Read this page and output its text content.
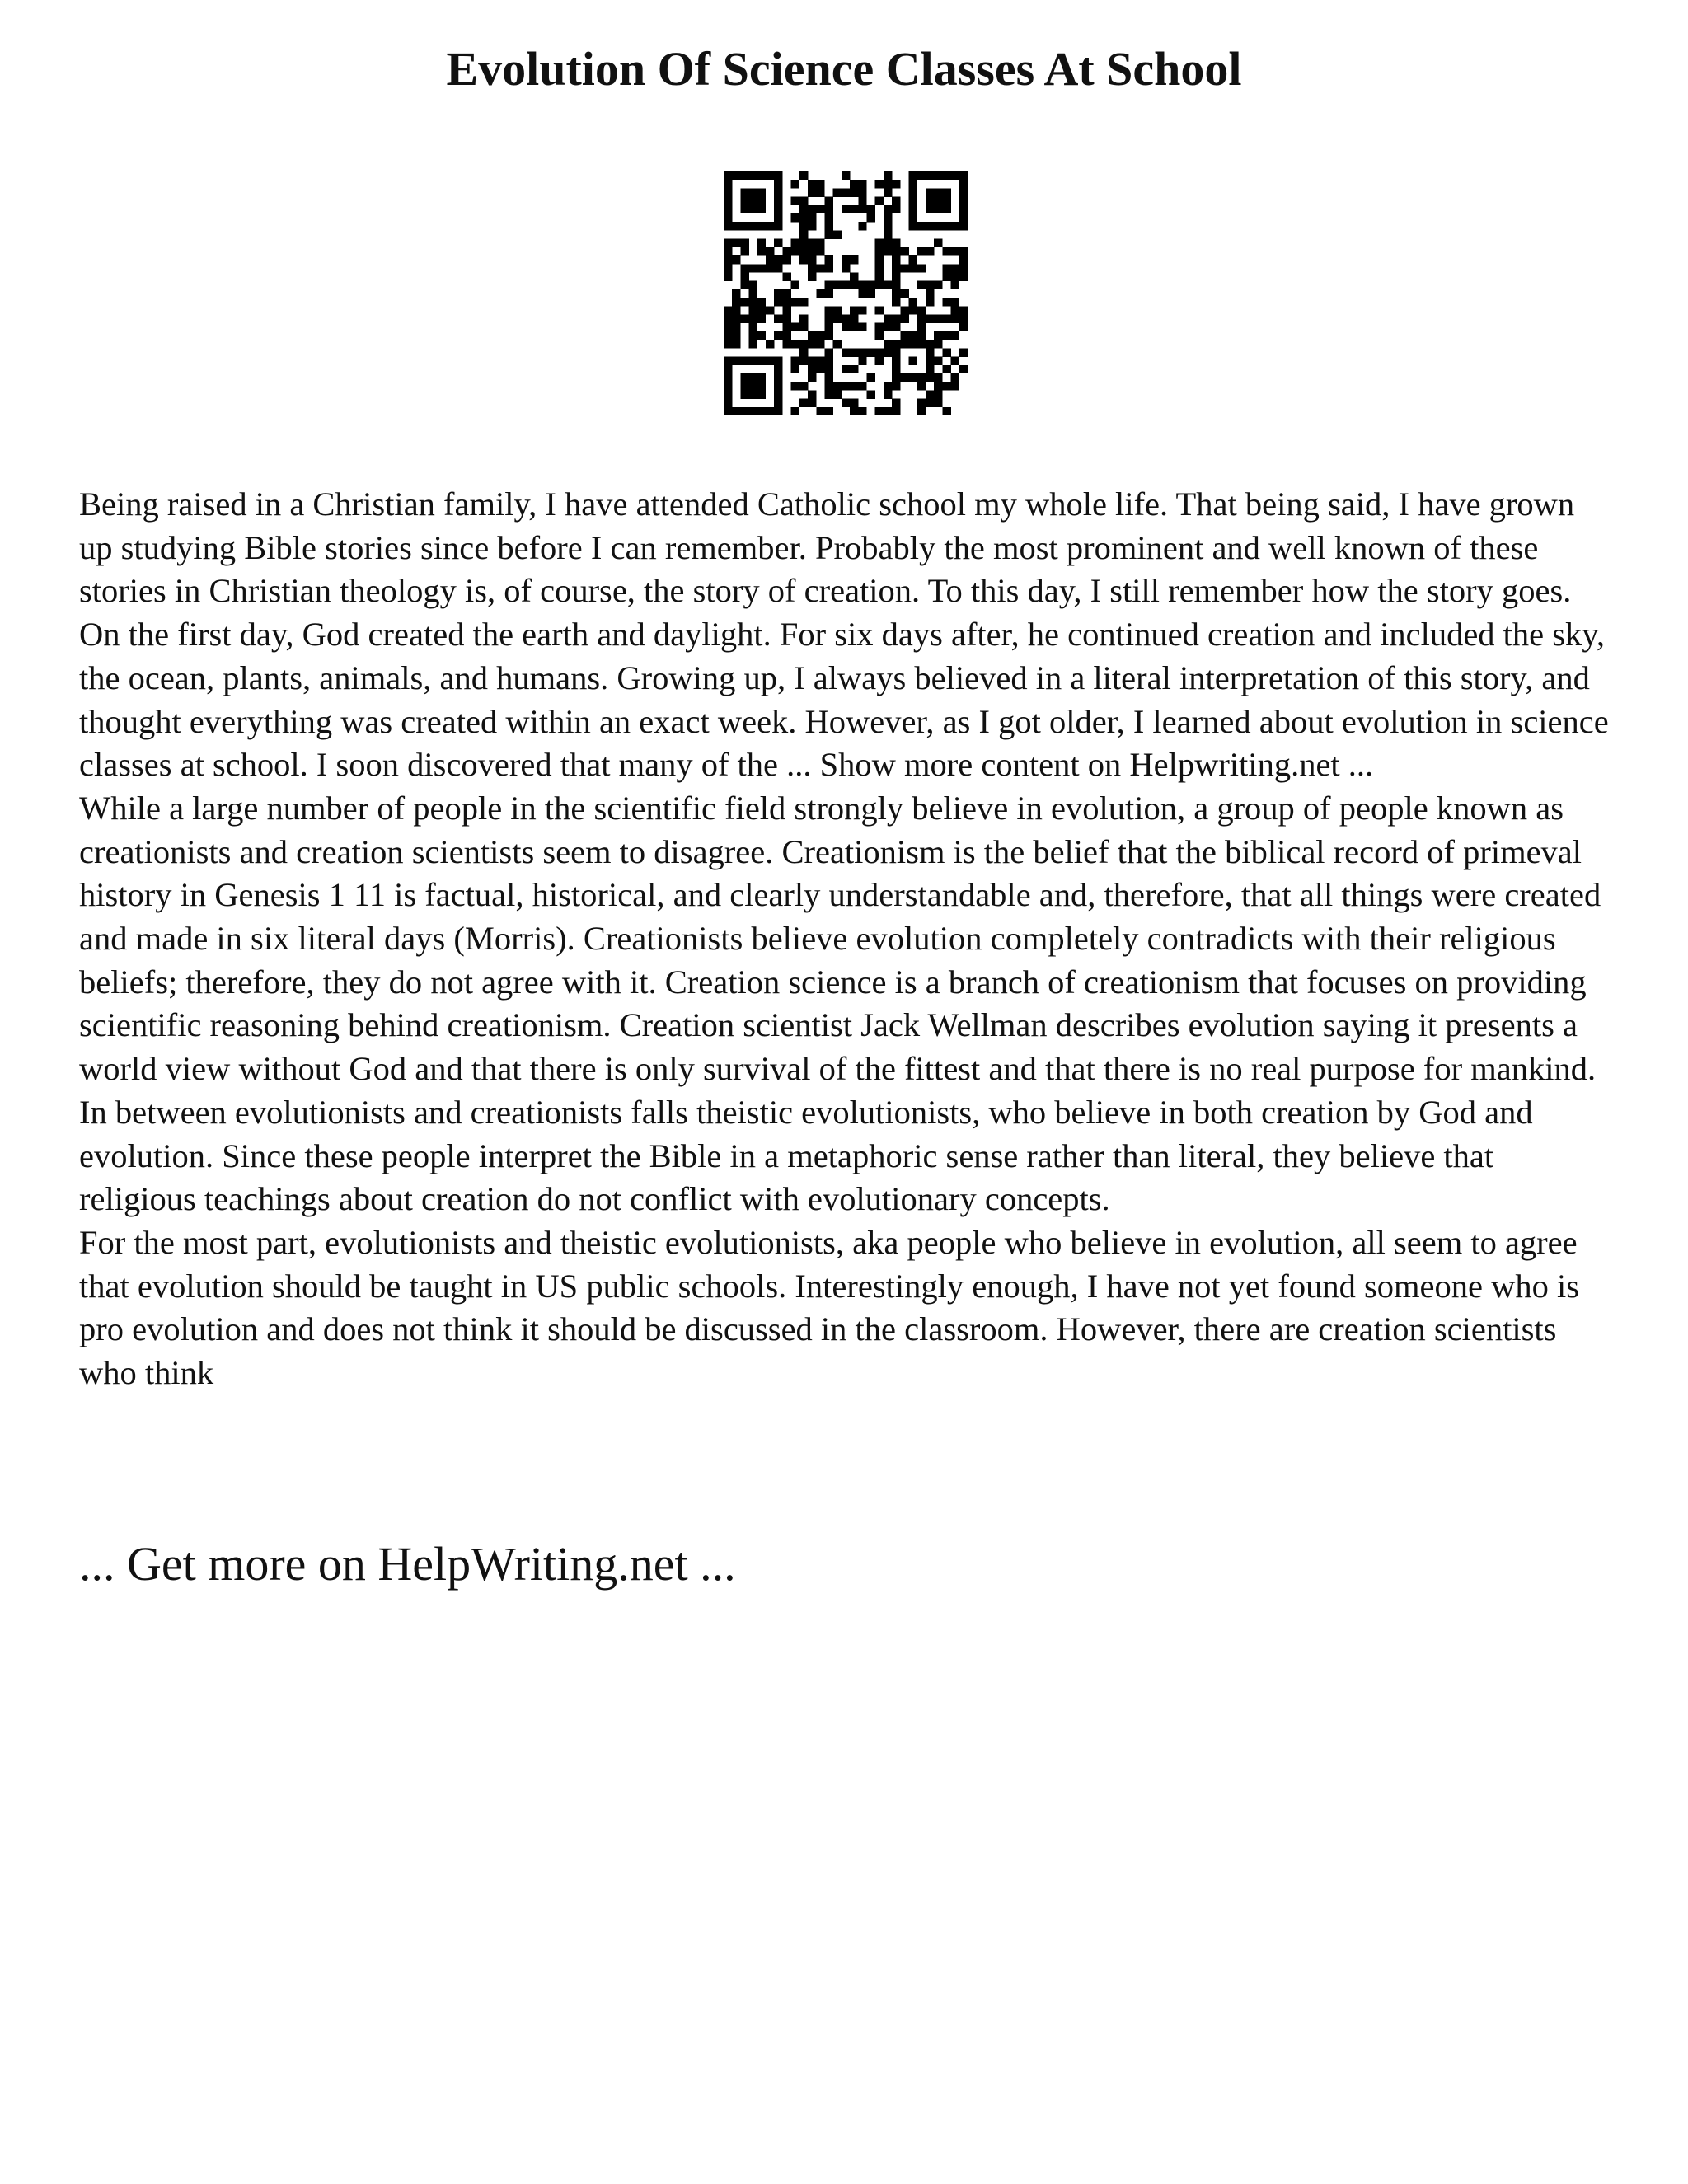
Evolution Of Science Classes At School

Being raised in a Christian family, I have attended Catholic school my whole life. That being said, I have grown up studying Bible stories since before I can remember. Probably the most prominent and well known of these stories in Christian theology is, of course, the story of creation. To this day, I still remember how the story goes. On the first day, God created the earth and daylight. For six days after, he continued creation and included the sky, the ocean, plants, animals, and humans. Growing up, I always believed in a literal interpretation of this story, and thought everything was created within an exact week. However, as I got older, I learned about evolution in science classes at school. I soon discovered that many of the ... Show more content on Helpwriting.net ...

While a large number of people in the scientific field strongly believe in evolution, a group of people known as creationists and creation scientists seem to disagree. Creationism is the belief that the biblical record of primeval history in Genesis 1 11 is factual, historical, and clearly understandable and, therefore, that all things were created and made in six literal days (Morris). Creationists believe evolution completely contradicts with their religious beliefs; therefore, they do not agree with it. Creation science is a branch of creationism that focuses on providing scientific reasoning behind creationism. Creation scientist Jack Wellman describes evolution saying it presents a world view without God and that there is only survival of the fittest and that there is no real purpose for mankind. In between evolutionists and creationists falls theistic evolutionists, who believe in both creation by God and evolution. Since these people interpret the Bible in a metaphoric sense rather than literal, they believe that religious teachings about creation do not conflict with evolutionary concepts.

For the most part, evolutionists and theistic evolutionists, aka people who believe in evolution, all seem to agree that evolution should be taught in US public schools. Interestingly enough, I have not yet found someone who is pro evolution and does not think it should be discussed in the classroom. However, there are creation scientists who think

... Get more on HelpWriting.net ...
